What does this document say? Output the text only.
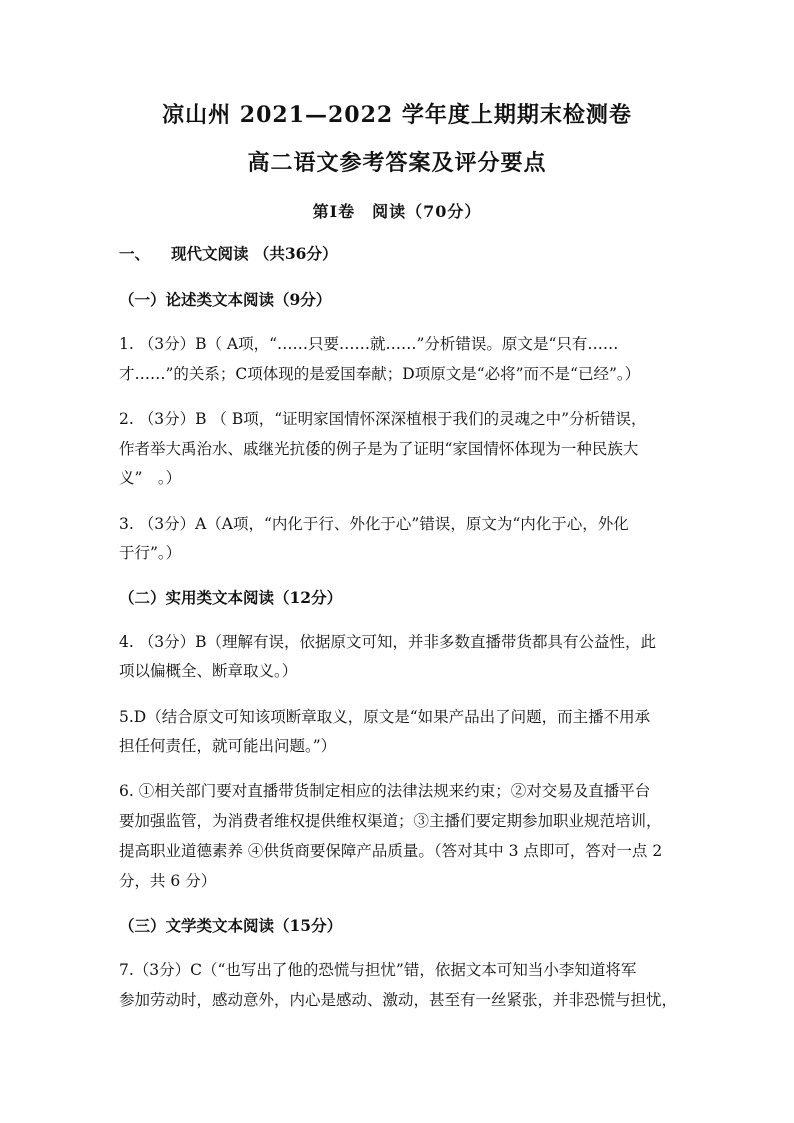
凉山州 2021—2022 学年度上期期末检测卷
高二语文参考答案及评分要点
第Ⅰ卷　阅读（70分）
一、 现代文阅读 （共36分）
（一）论述类文本阅读（9分）
1. （3分）B（ A项，“……只要……就……”分析错误。原文是“只有……
才……”的关系；C项体现的是爱国奉献；D项原文是“必将”而不是“已经”。）
2. （3分）B （ B项，“证明家国情怀深深植根于我们的灵魂之中”分析错误，
作者举大禹治水、戚继光抗倭的例子是为了证明“家国情怀体现为一种民族大
义”　。）
3. （3分）A（A项，“内化于行、外化于心”错误，原文为“内化于心，外化
于行”。）
（二）实用类文本阅读（12分）
4. （3分）B（理解有误，依据原文可知，并非多数直播带货都具有公益性，此
项以偏概全、断章取义。）
5.D（结合原文可知该项断章取义，原文是“如果产品出了问题，而主播不用承
担任何责任，就可能出问题。”）
6. ①相关部门要对直播带货制定相应的法律法规来约束；②对交易及直播平台
要加强监管，为消费者维权提供维权渠道；③主播们要定期参加职业规范培训，
提高职业道德素养 ④供货商要保障产品质量。（答对其中 3 点即可，答对一点 2
分，共 6 分）
（三）文学类文本阅读（15分）
7.（3分）C（“也写出了他的恐慌与担忧”错，依据文本可知当小李知道将军
参加劳动时，感动意外，内心是感动、激动，甚至有一丝紧张，并非恐慌与担忧，
